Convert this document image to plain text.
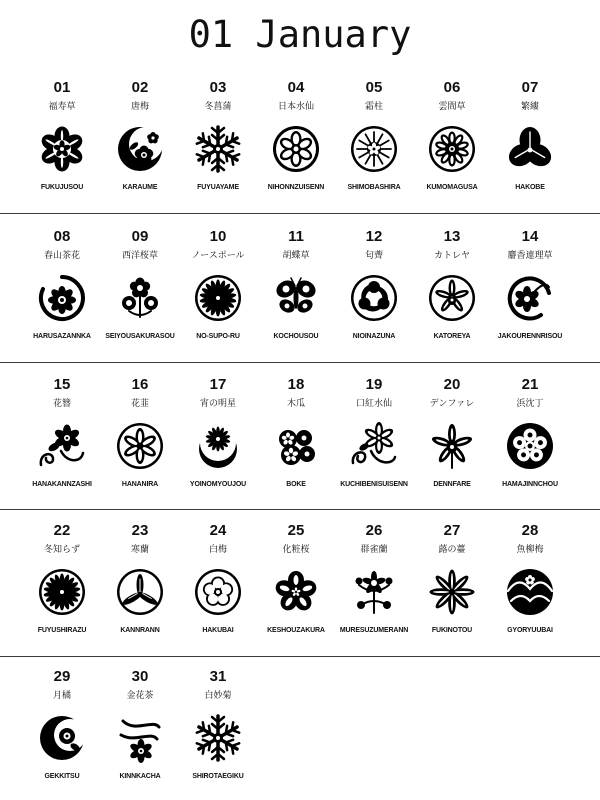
01 January
01
福寿草
FUKUJUSOU
02
唐梅
KARAUME
03
冬菖蒲
FUYUAYAME
04
日本水仙
NIHONNZUISENN
05
霜柱
SHIMOBASHIRA
06
雲間草
KUMOMAGUSA
07
繁縷
HAKOBE
08
春山茶花
HARUSAZANNKA
09
西洋桜草
SEIYOUSAKURASOU
10
ノースポール
NO-SUPO-RU
11
胡蝶草
KOCHOUSOU
12
匂薺
NIOINAZUNA
13
カトレヤ
KATOREYA
14
麝香連理草
JAKOURENNRISOU
15
花簪
HANAKANNZASHI
16
花韮
HANANIRA
17
宵の明星
YOINOMYOUJOU
18
木瓜
BOKE
19
口紅水仙
KUCHIBENISUISENN
20
デンファレ
DENNFARE
21
浜沈丁
HAMAJINNCHOU
22
冬知らず
FUYUSHIRAZU
23
寒蘭
KANNRANN
24
白梅
HAKUBAI
25
化粧桜
KESHOUZAKURA
26
群雀蘭
MURESUZUMERANN
27
蕗の薹
FUKINOTOU
28
魚柳梅
GYORYUUBAI
29
月橘
GEKKITSU
30
金花茶
KINNKACHA
31
白妙菊
SHIROTAEGIKU
